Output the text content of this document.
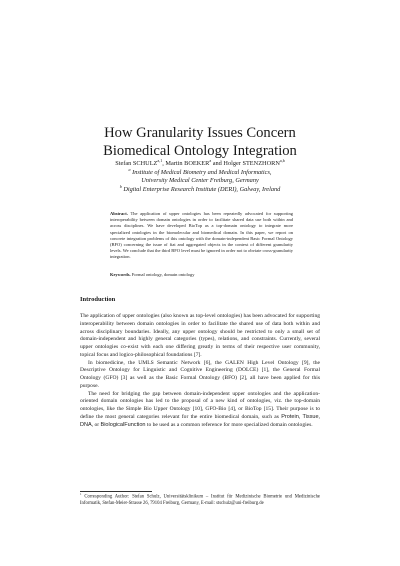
How Granularity Issues Concern
Biomedical Ontology Integration
Stefan SCHULZ$^{a,1}$, Martin BOEKER$^a$ and Holger STENZHORN$^{a,b}$
$^a$ Institute of Medical Biometry and Medical Informatics,
University Medical Center Freiburg, Germany
$^b$ Digital Enterprise Research Institute (DERI), Galway, Ireland
Abstract. The application of upper ontologies has been repeatedly advocated for supporting interoperability between domain ontologies in order to facilitate shared data use both within and across disciplines. We have developed BioTop as a top-domain ontology to integrate more specialized ontologies in the biomolecular and biomedical domain. In this paper, we report on concrete integration problems of this ontology with the domain-independent Basic Formal Ontology (BFO) concerning the issue of fiat and aggregated objects in the context of different granularity levels. We conclude that the third BFO level must be ignored in order not to obviate cross-granularity integration.
Keywords. Formal ontology, domain ontology
Introduction

The application of upper ontologies (also known as top-level ontologies) has been advocated for supporting interoperability between domain ontologies in order to facilitate the shared use of data both within and across disciplinary boundaries. Ideally, any upper ontology should be restricted to only a small set of domain-independent and highly general categories (types), relations, and constraints. Currently, several upper ontologies co-exist with each one differing greatly in terms of their respective user community, topical focus and logico-philosophical foundations [7].

In biomedicine, the UMLS Semantic Network [6], the GALEN High Level Ontology [9], the Descriptive Ontology for Linguistic and Cognitive Engineering (DOLCE) [1], the General Formal Ontology (GFO) [3] as well as the Basic Formal Ontology (BFO) [2], all have been applied for this purpose.

The need for bridging the gap between domain-independent upper ontologies and the application-oriented domain ontologies has led to the proposal of a new kind of ontologies, viz. the top-domain ontologies, like the Simple Bio Upper Ontology [10], GFO-Bio [4], or BioTop [15]. Their purpose is to define the most general categories relevant for the entire biomedical domain, such as Protein, Tissue, DNA, or BiologicalFunction to be used as a common reference for more specialized domain ontologies.

$^1$ Corresponding Author: Stefan Schulz, Universitätsklinikum – Institut für Medizinische Biometrie und Medizinische Informatik, Stefan-Meier-Strasse 26, 79104 Freiburg, Germany, E-mail: stschulz@uni-freiburg.de
